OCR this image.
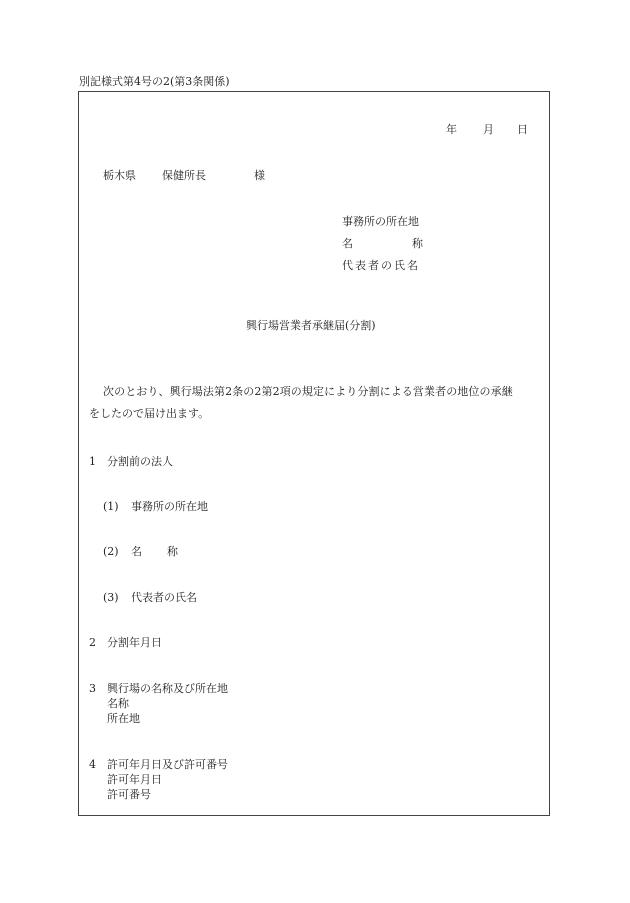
別記様式第4号の2(第3条関係)
年 月 日
栃木県 保健所長	様
事務所の所在地
名	称
代表者の氏名
興行場営業者承継届(分割)
次のとおり、興行場法第2条の2第2項の規定により分割による営業者の地位の承継
をしたので届け出ます。
1 分割前の法人
(1) 事務所の所在地
(2) 名 称
(3) 代表者の氏名
2 分割年月日
3 興行場の名称及び所在地
名称
所在地
4 許可年月日及び許可番号
許可年月日
許可番号
